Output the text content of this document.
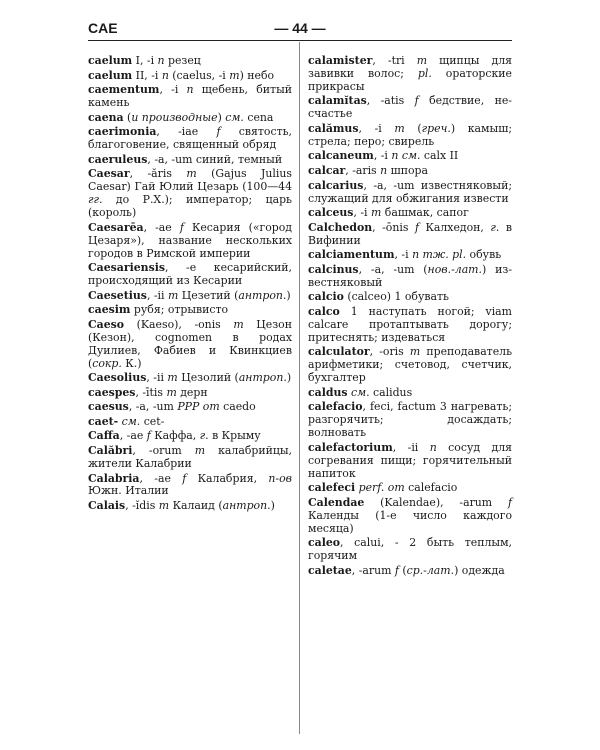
CAE	— 44 —
caelum I, -i n резец
caelum II, -i n (caelus, -i m) небо
caementum, -i n щебень, битый камень
caena (и производные) см. cena
caerimonia, -iae f святость, благоговение, священный обряд
caeruleus, -a, -um синий, темный
Caesar, -ăris m (Gajus Julius Caesar) Гай Юлий Цезарь (100—44 гг. до Р.Х.); император; царь (король)
Caesarēa, -ae f Кесария («город Цезаря»), название нескольких городов в Римской империи
Caesariensis, -e кесарийский, происходящий из Кесарии
Caesetius, -ii m Цезетий (антроп.)
caesim рубя; отрывисто
Caeso (Kaeso), -onis m Цезон (Кезон), cognomen в родах Дуилиев, Фабиев и Квинкциев (сокр. К.)
Caesolius, -ii m Цезолий (антроп.)
caespes, -ītis m дерн
caesus, -a, -um PPP от caedo
caet- см. cet-
Caffa, -ae f Каффа, г. в Крыму
Calăbri, -orum m калабрийцы, жители Калабрии
Calabria, -ae f Калабрия, п-ов Южн. Италии
Calais, -ĭdis m Калаид (антроп.)
calamister, -tri m щипцы для завивки волос; pl. ораторские прикрасы
calamĭtas, -atis f бедствие, несчастье
calămus, -i m (греч.) камыш; стрела; перо; свирель
calcaneum, -i n см. calx II
calcar, -aris n шпора
calcarius, -a, -um известняковый; служащий для обжигания извести
calceus, -i m башмак, сапог
Calchedon, -ōnis f Калхедон, г. в Вифинии
calciamentum, -i n тж. pl. обувь
calcinus, -a, -um (нов.-лат.) известняковый
calcio (calceo) 1 обувать
calco 1 наступать ногой; viam calcare протаптывать дорогу; притеснять; издеваться
calculator, -oris m преподаватель арифметики; счетовод, счетчик, бухгалтер
caldus см. calidus
calefacio, feci, factum 3 нагревать; разгорячить; досаждать; волновать
calefactorium, -ii n сосуд для согревания пищи; горячительный напиток
calefeci perf. от calefacio
Calendae (Kalendae), -arum f Календы (1-е число каждого месяца)
caleo, calui, - 2 быть теплым, горячим
caletae, -arum f (ср.-лат.) одежда
